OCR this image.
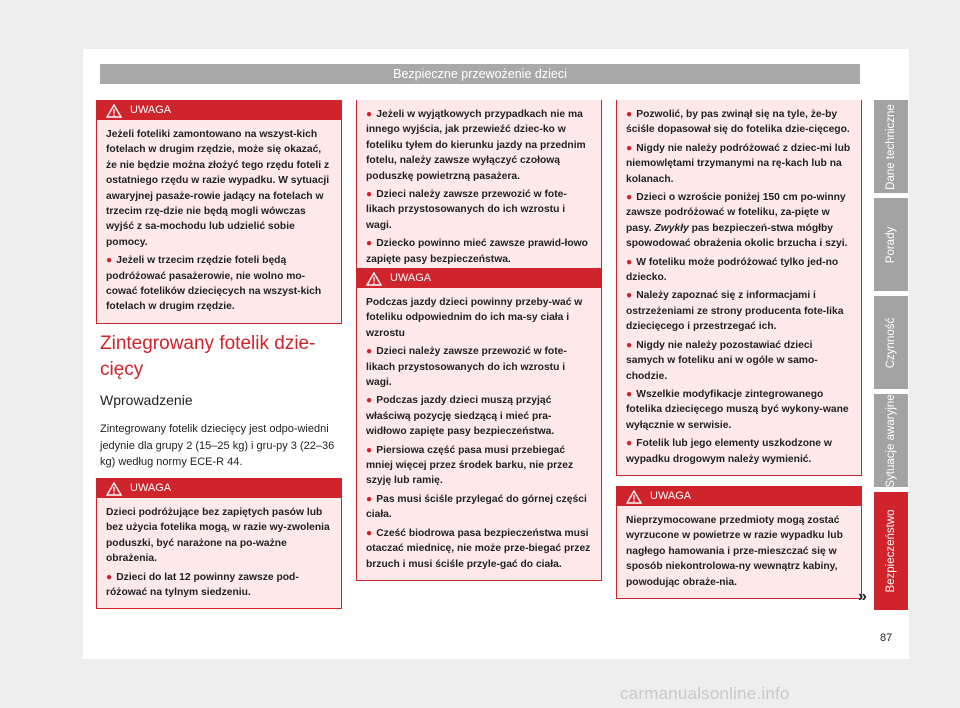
Bezpieczne przewożenie dzieci
UWAGA

Jeżeli foteliki zamontowano na wszyst-kich fotelach w drugim rzędzie, może się okazać, że nie będzie można złożyć tego rzędu foteli z ostatniego rzędu w razie wypadku. W sytuacji awaryjnej pasaże-rowie jadący na fotelach w trzecim rzę-dzie nie będą mogli wówczas wyjść z sa-mochodu lub udzielić sobie pomocy.

● Jeżeli w trzecim rzędzie foteli będą podróżować pasażerowie, nie wolno mo-cować fotelików dziecięcych na wszyst-kich fotelach w drugim rzędzie.

UWAGA

Dzieci podróżujące bez zapiętych pasów lub bez użycia fotelika mogą, w razie wy-zwolenia poduszki, być narażone na po-ważne obrażenia.

● Dzieci do lat 12 powinny zawsze pod-różować na tylnym siedzeniu.

● Jeżeli w wyjątkowych przypadkach nie ma innego wyjścia, jak przewieźć dziec-ko w foteliku tyłem do kierunku jazdy na przednim fotelu, należy zawsze wyłączyć czołową poduszkę powietrzną pasażera.

● Dzieci należy zawsze przewozić w fote-likach przystosowanych do ich wzrostu i wagi.

● Dziecko powinno mieć zawsze prawid-łowo zapięte pasy bezpieczeństwa.

UWAGA

Podczas jazdy dzieci powinny przeby-wać w foteliku odpowiednim do ich ma-sy ciała i wzrostu

● Dzieci należy zawsze przewozić w fote-likach przystosowanych do ich wzrostu i wagi.

● Podczas jazdy dzieci muszą przyjąć właściwą pozycję siedzącą i mieć pra-widłowo zapięte pasy bezpieczeństwa.

● Piersiowa część pasa musi przebiegać mniej więcej przez środek barku, nie przez szyję lub ramię.

● Pas musi ściśle przylegać do górnej części ciała.

● Cześć biodrowa pasa bezpieczeństwa musi otaczać miednicę, nie może prze-biegać przez brzuch i musi ściśle przyle-gać do ciała.

● Pozwolić, by pas zwinął się na tyle, że-by ściśle dopasował się do fotelika dzie-cięcego.

● Nigdy nie należy podróżować z dziec-mi lub niemowlętami trzymanymi na rę-kach lub na kolanach.

● Dzieci o wzroście poniżej 150 cm po-winny zawsze podróżować w foteliku, za-pięte w pasy. Zwykły pas bezpieczeń-stwa mógłby spowodować obrażenia okolic brzucha i szyi.

● W foteliku może podróżować tylko jed-no dziecko.

● Należy zapoznać się z informacjami i ostrzeżeniami ze strony producenta fote-lika dziecięcego i przestrzegać ich.

● Nigdy nie należy pozostawiać dzieci samych w foteliku ani w ogóle w samo-chodzie.

● Wszelkie modyfikacje zintegrowanego fotelika dziecięcego muszą być wykony-wane wyłącznie w serwisie.

● Fotelik lub jego elementy uszkodzone w wypadku drogowym należy wymienić.

UWAGA

Nieprzymocowane przedmioty mogą zostać wyrzucone w powietrze w razie wypadku lub nagłego hamowania i prze-mieszczać się w sposób niekontrolowa-ny wewnątrz kabiny, powodując obraże-nia.

Zintegrowany fotelik dzie-cięcy
Wprowadzenie
Zintegrowany fotelik dziecięcy jest odpo-wiedni jedynie dla grupy 2 (15–25 kg) i gru-py 3 (22–36 kg) według normy ECE-R 44.
»
87
Dane techniczne
Porady
Czynność
Sytuacje awaryjne
Bezpieczeństwo
carmanualsonline.info
